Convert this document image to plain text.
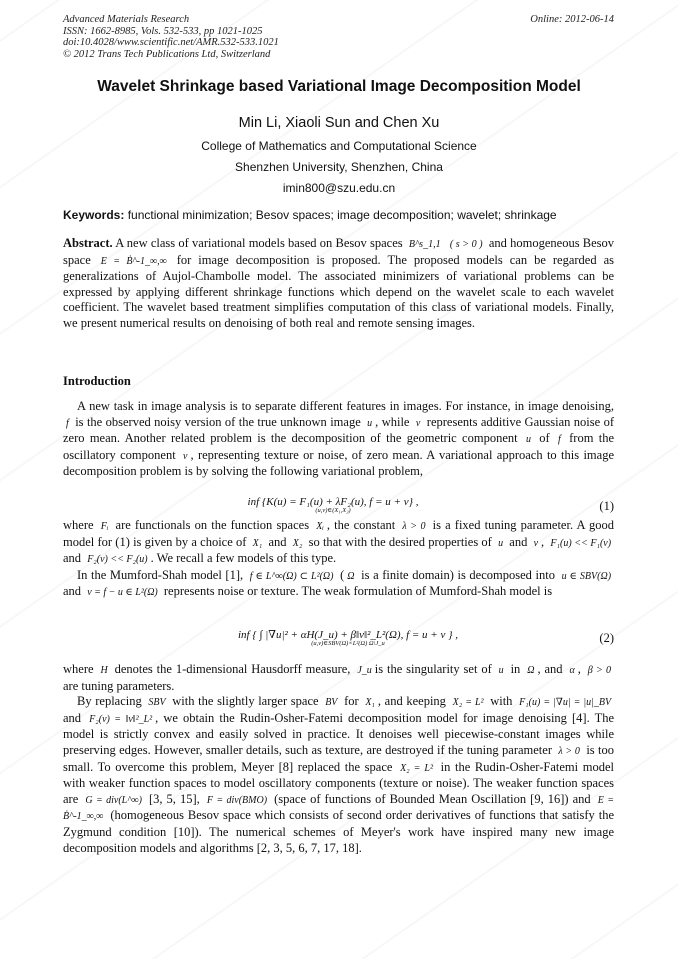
Advanced Materials Research
ISSN: 1662-8985, Vols. 532-533, pp 1021-1025
doi:10.4028/www.scientific.net/AMR.532-533.1021
© 2012 Trans Tech Publications Ltd, Switzerland
Online: 2012-06-14
Wavelet Shrinkage based Variational Image Decomposition Model
Min Li, Xiaoli Sun and Chen Xu
College of Mathematics and Computational Science
Shenzhen University, Shenzhen, China
imin800@szu.edu.cn
Keywords: functional minimization; Besov spaces; image decomposition; wavelet; shrinkage

Abstract. A new class of variational models based on Besov spaces B^s_1,1 ( s > 0 ) and homogeneous Besov space E = Ḃ^-1_∞,∞ for image decomposition is proposed. The proposed models can be regarded as generalizations of Aujol-Chambolle model. The associated minimizers of variational problems can be expressed by applying different shrinkage functions which depend on the wavelet scale to each wavelet coefficient. The wavelet based treatment simplifies computation of this class of variational models. Finally, we present numerical results on denoising of both real and remote sensing images.

Introduction

A new task in image analysis is to separate different features in images. For instance, in image denoising, f is the observed noisy version of the true unknown image u , while v represents additive Gaussian noise of zero mean. Another related problem is the decomposition of the geometric component u of f from the oscillatory component v , representing texture or noise, of zero mean. A variational approach to this image decomposition problem is by solving the following variational problem,

inf {K(u) = F₁(u) + λF₂(u), f = u + v} ,
(u,v)∈(X₁,X₂)	(1)

where Fᵢ are functionals on the function spaces Xᵢ , the constant λ > 0 is a fixed tuning parameter. A good model for (1) is given by a choice of X₁ and X₂ so that with the desired properties of u and v , F₁(u) << F₁(v) and F₂(v) << F₂(u) . We recall a few models of this type.

In the Mumford-Shah model [1], f ∈ L^∞(Ω) ⊂ L²(Ω) ( Ω is a finite domain) is decomposed into u ∈ SBV(Ω) and v = f − u ∈ L²(Ω) represents noise or texture. The weak formulation of Mumford-Shah model is

inf { ∫ |∇u|² + αH(J_u) + β‖v‖²_L²(Ω), f = u + v } ,
(u,v)∈SBV(Ω)×L²(Ω) Ω\J_u	(2)

where H denotes the 1-dimensional Hausdorff measure, J_u is the singularity set of u in Ω , and α , β > 0 are tuning parameters.

By replacing SBV with the slightly larger space BV for X₁ , and keeping X₂ = L² with F₁(u) = |∇u| = |u|_BV and F₂(v) = ‖v‖²_L² , we obtain the Rudin-Osher-Fatemi decomposition model for image denoising [4]. The model is strictly convex and easily solved in practice. It denoises well piecewise-constant images while preserving edges. However, smaller details, such as texture, are destroyed if the tuning parameter λ > 0 is too small. To overcome this problem, Meyer [8] replaced the space X₂ = L² in the Rudin-Osher-Fatemi model with weaker function spaces to model oscillatory components (texture or noise). The weaker function spaces are G = div(L^∞) [3, 5, 15], F = div(BMO) (space of functions of Bounded Mean Oscillation [9, 16]) and E = Ḃ^-1_∞,∞ (homogeneous Besov space which consists of second order derivatives of functions that satisfy the Zygmund condition [10]). The numerical schemes of Meyer's work have inspired many new image decomposition models and algorithms [2, 3, 5, 6, 7, 17, 18].
